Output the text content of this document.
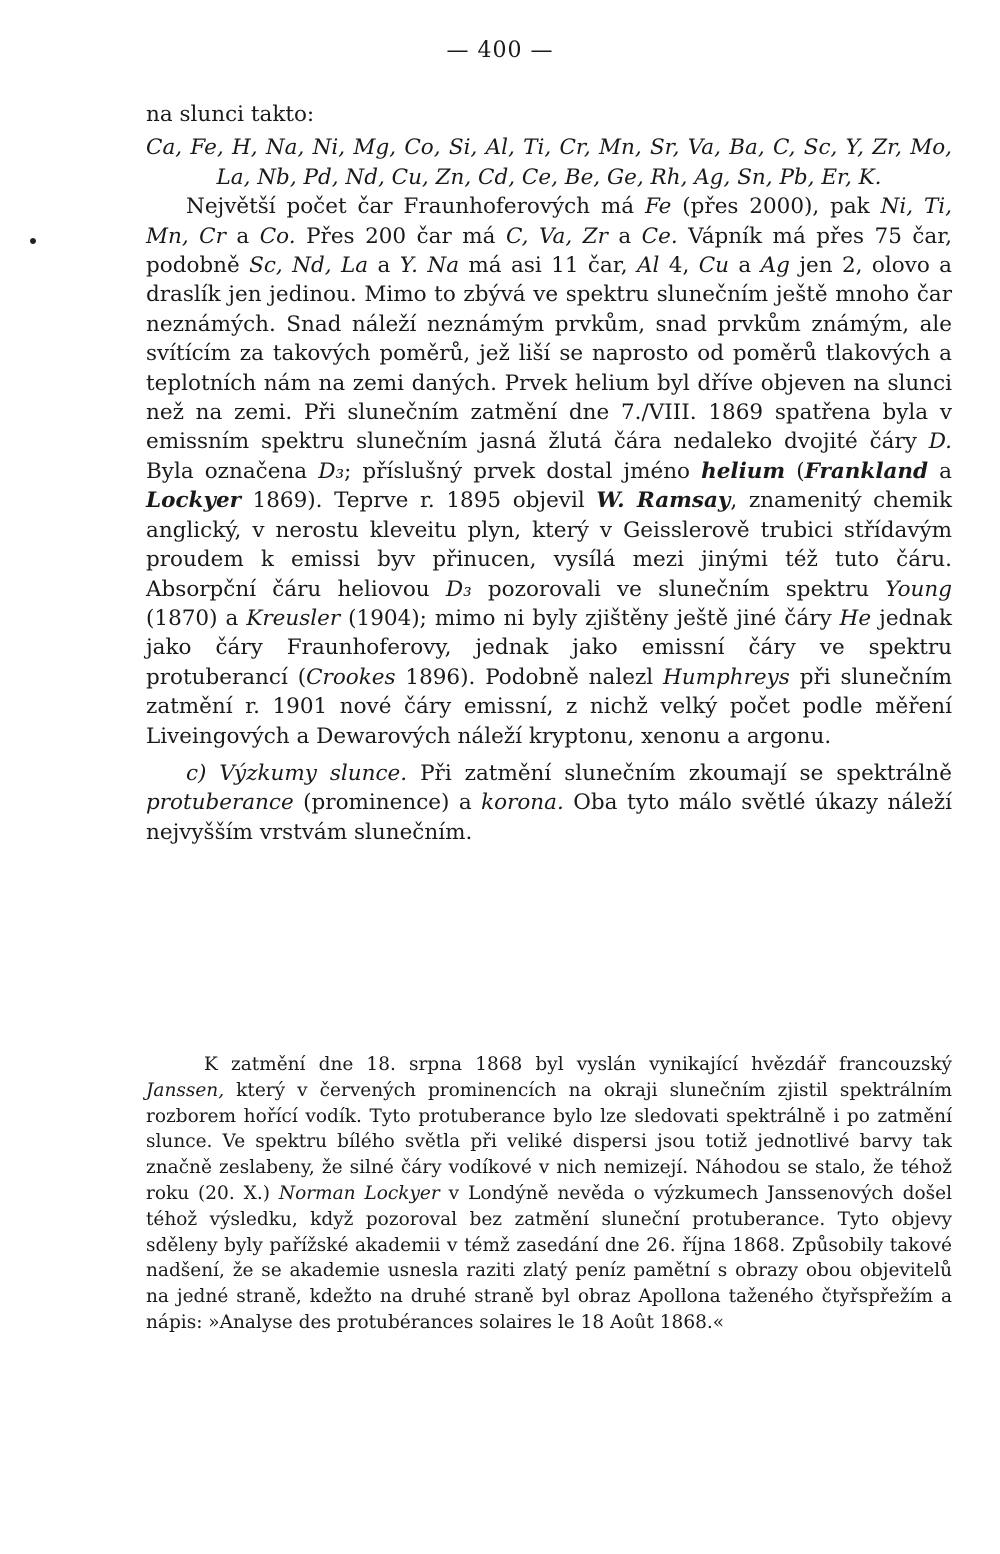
— 400 —

na slunci takto:

Ca, Fe, H, Na, Ni, Mg, Co, Si, Al, Ti, Cr, Mn, Sr, Va, Ba, C, Sc, Y, Zr, Mo, La, Nb, Pd, Nd, Cu, Zn, Cd, Ce, Be, Ge, Rh, Ag, Sn, Pb, Er, K.

Největší počet čar Fraunhoferových má Fe (přes 2000), pak Ni, Ti, Mn, Cr a Co. Přes 200 čar má C, Va, Zr a Ce. Vápník má přes 75 čar, podobně Sc, Nd, La a Y. Na má asi 11 čar, Al 4, Cu a Ag jen 2, olovo a draslík jen jedinou. Mimo to zbývá ve spektru slunečním ještě mnoho čar neznámých. Snad náleží neznámým prvkům, snad prvkům známým, ale svítícím za takových poměrů, jež liší se naprosto od poměrů tlakových a teplotních nám na zemi daných. Prvek helium byl dříve objeven na slunci než na zemi. Při slunečním zatmění dne 7./VIII. 1869 spatřena byla v emissním spektru slunečním jasná žlutá čára nedaleko dvojité čáry D. Byla označena D₃; příslušný prvek dostal jméno helium (Frankland a Lockyer 1869). Teprve r. 1895 objevil W. Ramsay, znamenitý chemik anglický, v nerostu kleveitu plyn, který v Geisslerově trubici střídavým proudem k emissi byv přinucen, vysílá mezi jinými též tuto čáru. Absorpční čáru heliovou D₃ pozorovali ve slunečním spektru Young (1870) a Kreusler (1904); mimo ni byly zjištěny ještě jiné čáry He jednak jako čáry Fraunhoferovy, jednak jako emissní čáry ve spektru protuberancí (Crookes 1896). Podobně nalezl Humphreys při slunečním zatmění r. 1901 nové čáry emissní, z nichž velký počet podle měření Liveingových a Dewarových náleží kryptonu, xenonu a argonu.

c) Výzkumy slunce. Při zatmění slunečním zkoumají se spektrálně protuberance (prominence) a korona. Oba tyto málo světlé úkazy náleží nejvyšším vrstvám slunečním.

K zatmění dne 18. srpna 1868 byl vyslán vynikající hvězdář francouzský Janssen, který v červených prominencích na okraji slunečním zjistil spektrálním rozborem hořící vodík. Tyto protuberance bylo lze sledovati spektrálně i po zatmění slunce. Ve spektru bílého světla při veliké dispersi jsou totiž jednotlivé barvy tak značně zeslabeny, že silné čáry vodíkové v nich nemizejí. Náhodou se stalo, že téhož roku (20. X.) Norman Lockyer v Londýně nevěda o výzkumech Janssenových došel téhož výsledku, když pozoroval bez zatmění sluneční protuberance. Tyto objevy sděleny byly pařížské akademii v témž zasedání dne 26. října 1868. Způsobily takové nadšení, že se akademie usnesla raziti zlatý peníz pamětní s obrazy obou objevitelů na jedné straně, kdežto na druhé straně byl obraz Apollona taženého čtyřspřežím a nápis: »Analyse des protubérances solaires le 18 Août 1868.«
